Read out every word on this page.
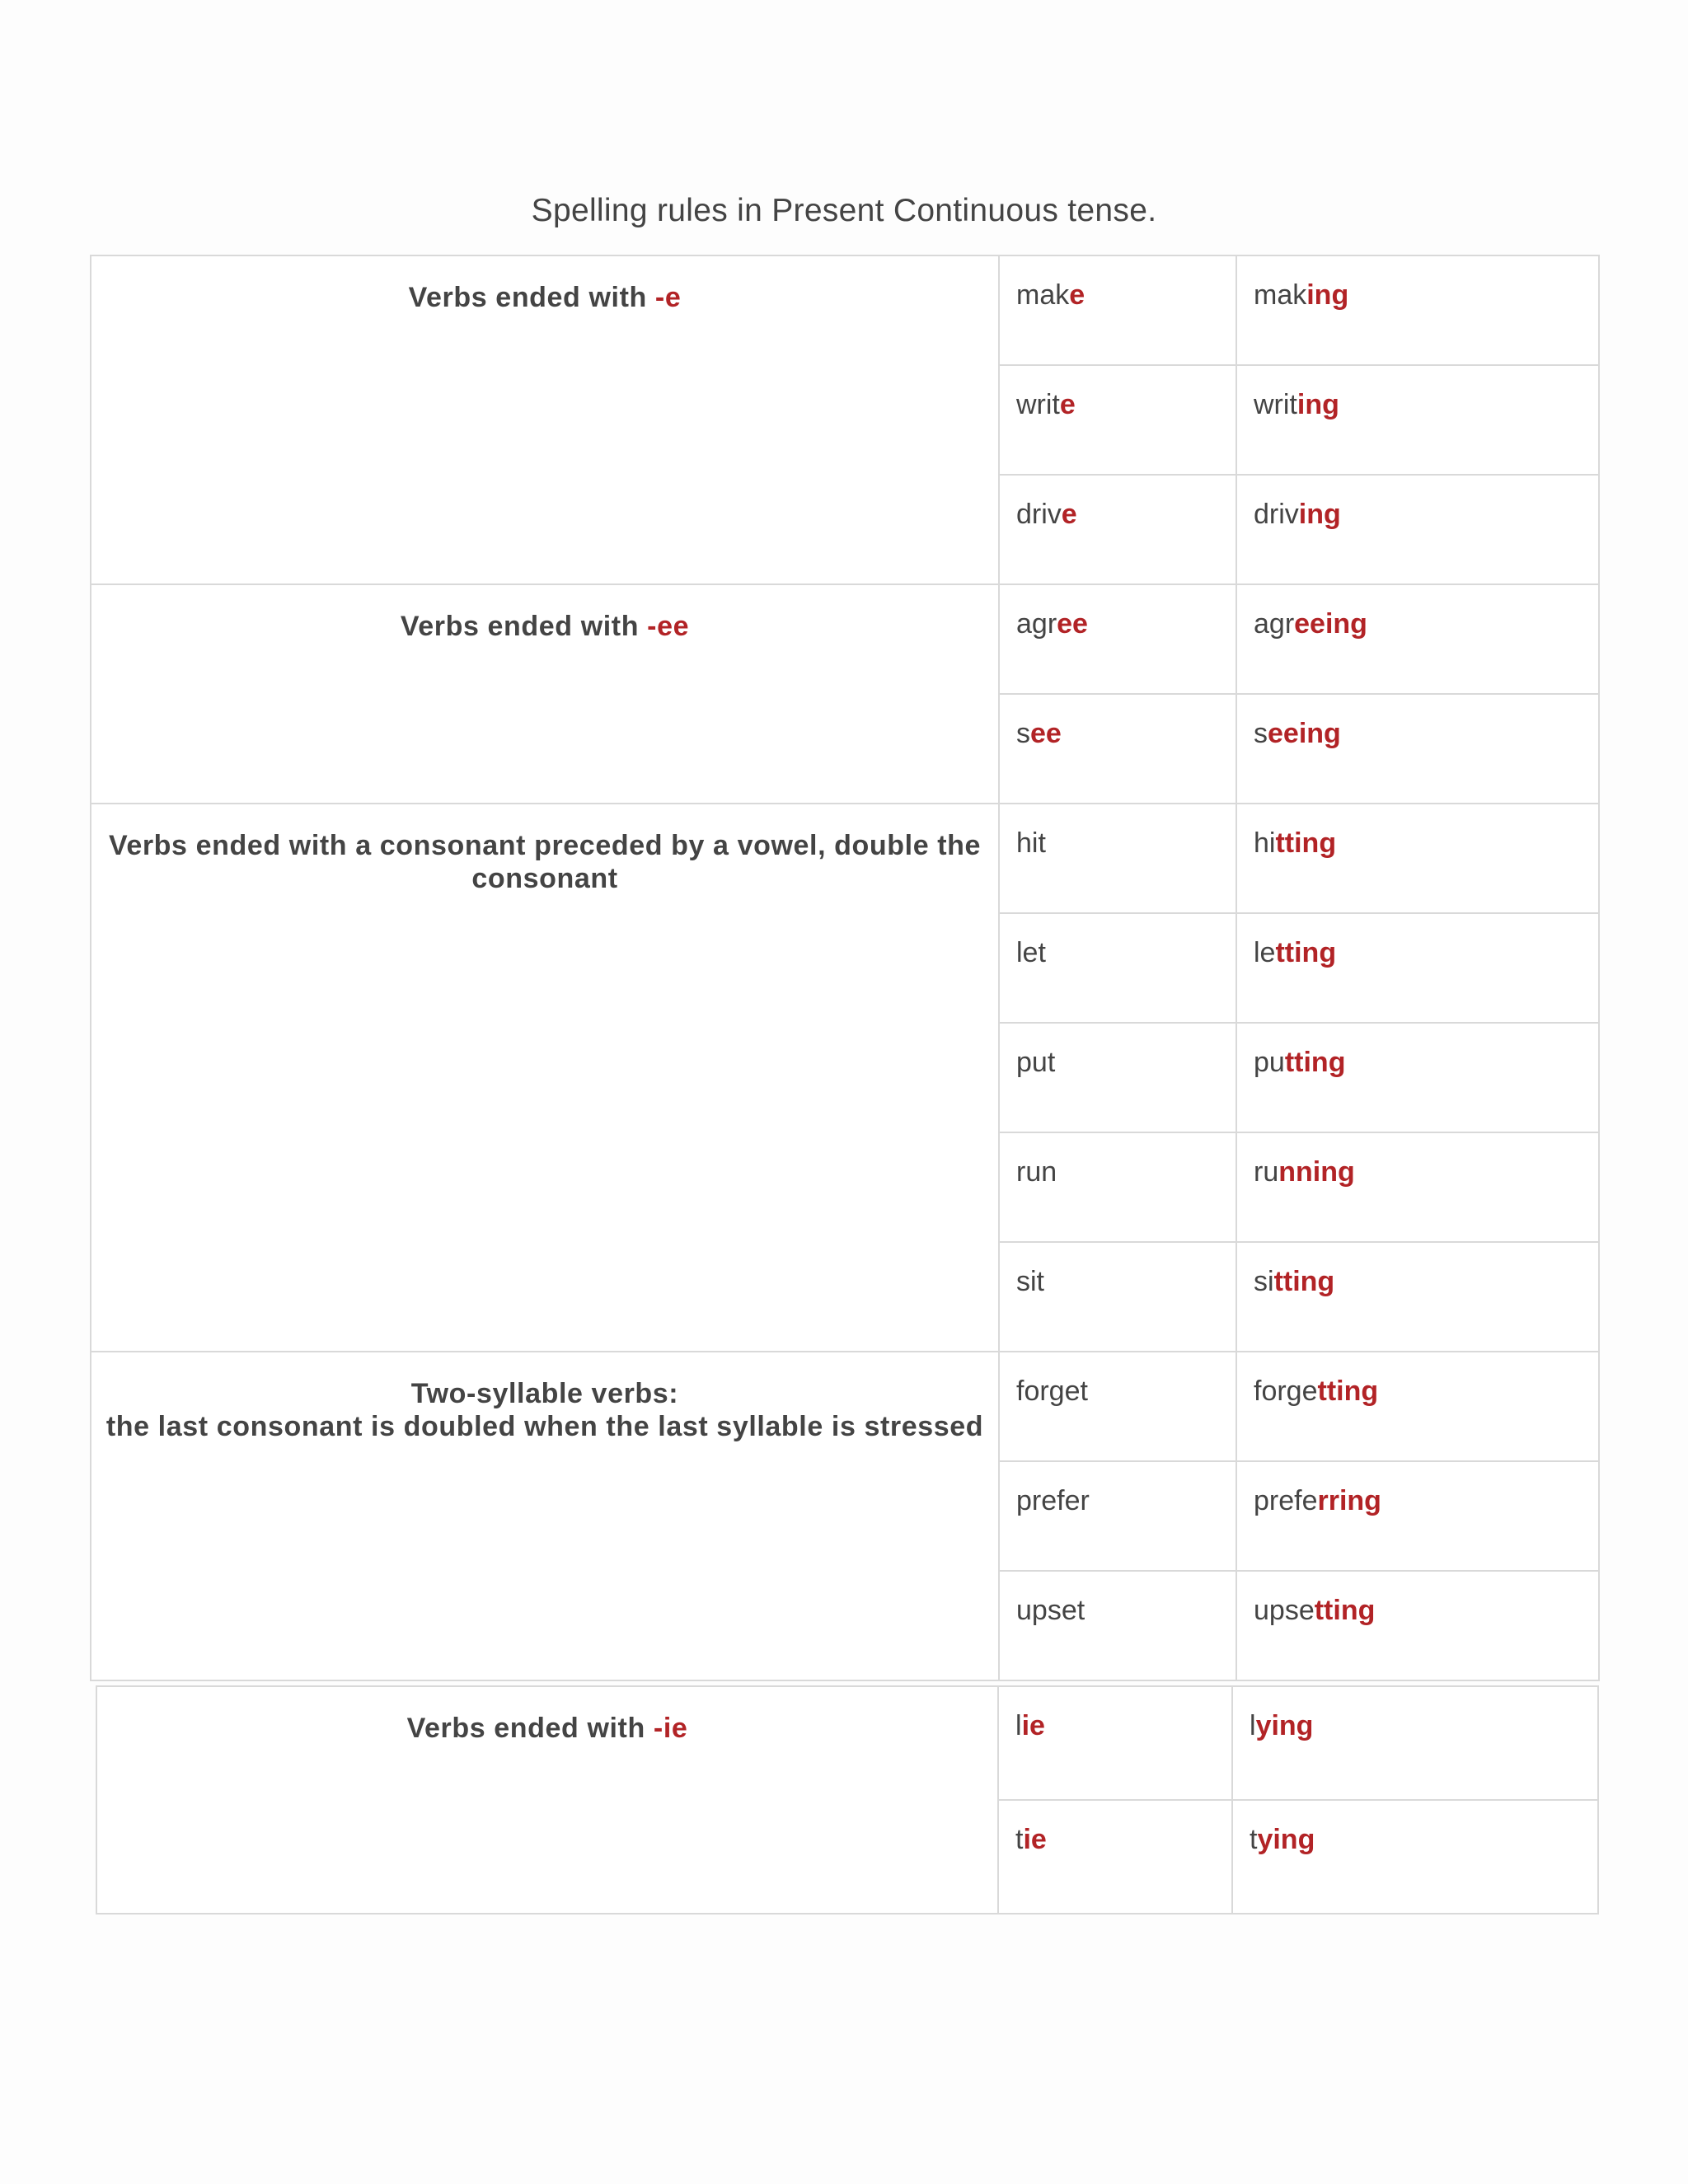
Spelling rules in Present Continuous tense.
Verbs ended with -e	make	making
	write	writing
	drive	driving
Verbs ended with -ee	agree	agreeing
	see	seeing
Verbs ended with a consonant preceded by a vowel, double the consonant	hit	hitting
	let	letting
	put	putting
	run	running
	sit	sitting
Two-syllable verbs:
the last consonant is doubled when the last syllable is stressed	forget	forgetting
	prefer	preferring
	upset	upsetting
Verbs ended with -ie	lie	lying
	tie	tying
